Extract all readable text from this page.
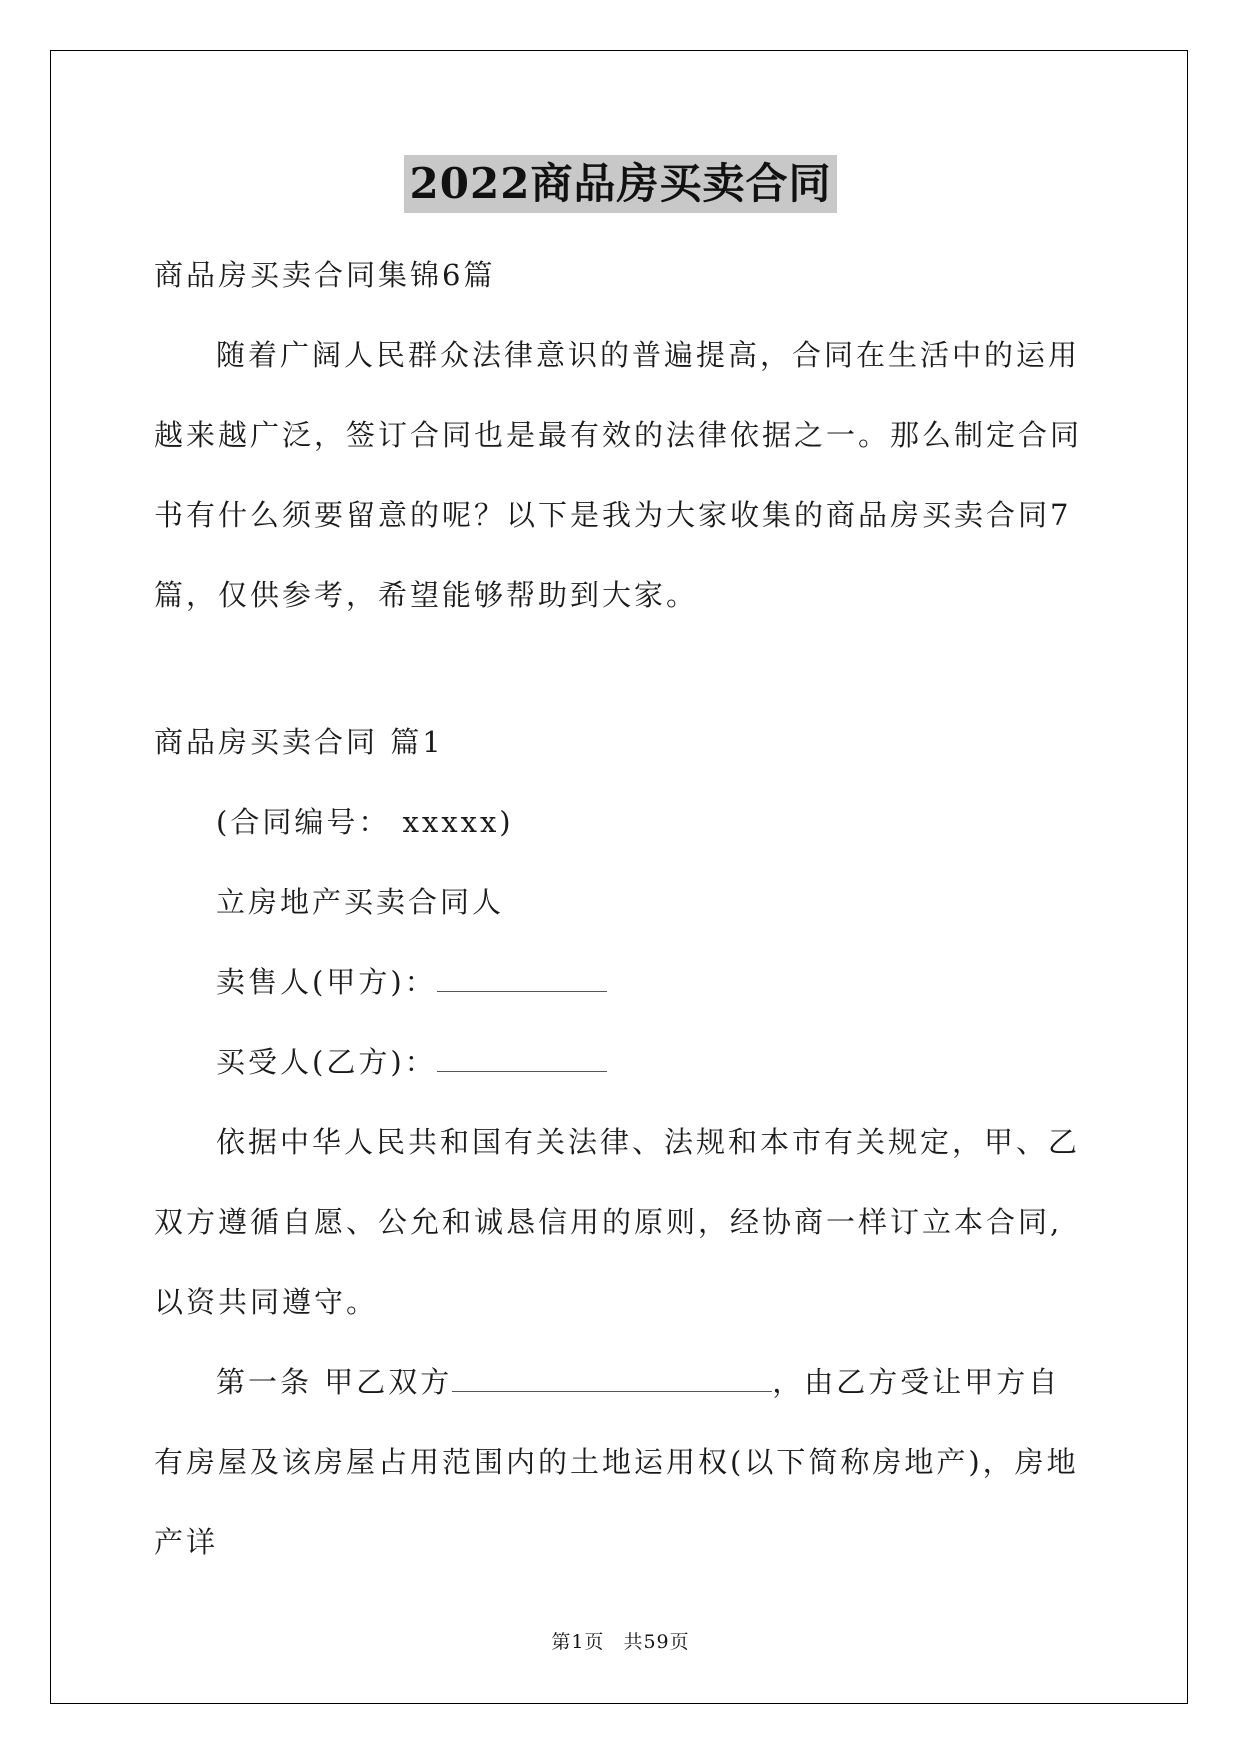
2022商品房买卖合同

商品房买卖合同集锦6篇

随着广阔人民群众法律意识的普遍提高，合同在生活中的运用越来越广泛，签订合同也是最有效的法律依据之一。那么制定合同书有什么须要留意的呢？以下是我为大家收集的商品房买卖合同7篇，仅供参考，希望能够帮助到大家。

商品房买卖合同 篇1

(合同编号： xxxxx)

立房地产买卖合同人

卖售人(甲方)：

买受人(乙方)：

依据中华人民共和国有关法律、法规和本市有关规定，甲、乙双方遵循自愿、公允和诚恳信用的原则，经协商一样订立本合同,以资共同遵守。

第一条 甲乙双方	，由乙方受让甲方自有房屋及该房屋占用范围内的土地运用权(以下简称房地产)，房地产详

第1页 共59页
